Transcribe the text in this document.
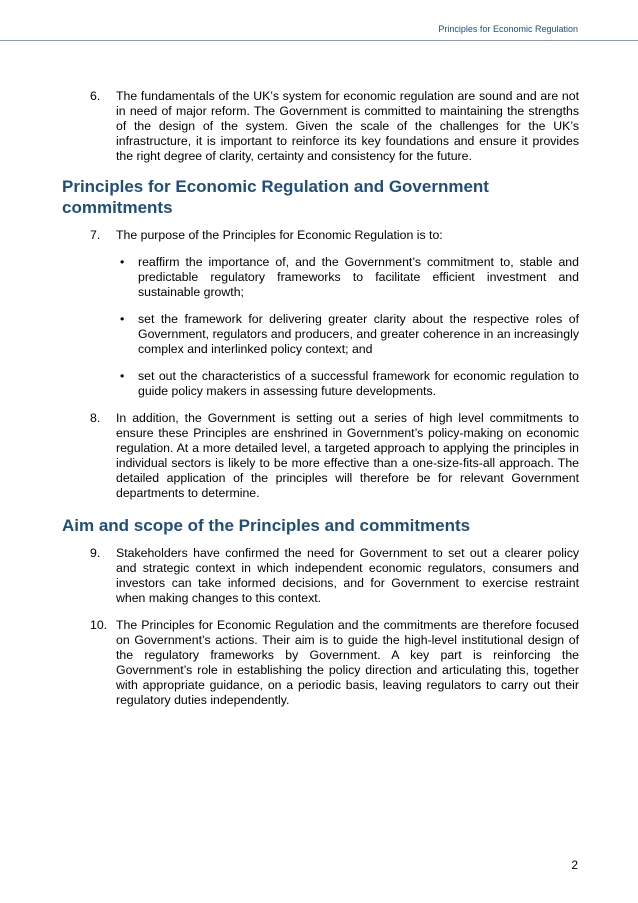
Principles for Economic Regulation
6.	The fundamentals of the UK’s system for economic regulation are sound and are not in need of major reform. The Government is committed to maintaining the strengths of the design of the system. Given the scale of the challenges for the UK’s infrastructure, it is important to reinforce its key foundations and ensure it provides the right degree of clarity, certainty and consistency for the future.
Principles for Economic Regulation and Government commitments
7.	The purpose of the Principles for Economic Regulation is to:
•	reaffirm the importance of, and the Government’s commitment to, stable and predictable regulatory frameworks to facilitate efficient investment and sustainable growth;
•	set the framework for delivering greater clarity about the respective roles of Government, regulators and producers, and greater coherence in an increasingly complex and interlinked policy context; and
•	set out the characteristics of a successful framework for economic regulation to guide policy makers in assessing future developments.
8.	In addition, the Government is setting out a series of high level commitments to ensure these Principles are enshrined in Government’s policy-making on economic regulation. At a more detailed level, a targeted approach to applying the principles in individual sectors is likely to be more effective than a one-size-fits-all approach. The detailed application of the principles will therefore be for relevant Government departments to determine.
Aim and scope of the Principles and commitments
9.	Stakeholders have confirmed the need for Government to set out a clearer policy and strategic context in which independent economic regulators, consumers and investors can take informed decisions, and for Government to exercise restraint when making changes to this context.
10. The Principles for Economic Regulation and the commitments are therefore focused on Government’s actions. Their aim is to guide the high-level institutional design of the regulatory frameworks by Government. A key part is reinforcing the Government’s role in establishing the policy direction and articulating this, together with appropriate guidance, on a periodic basis, leaving regulators to carry out their regulatory duties independently.
2
